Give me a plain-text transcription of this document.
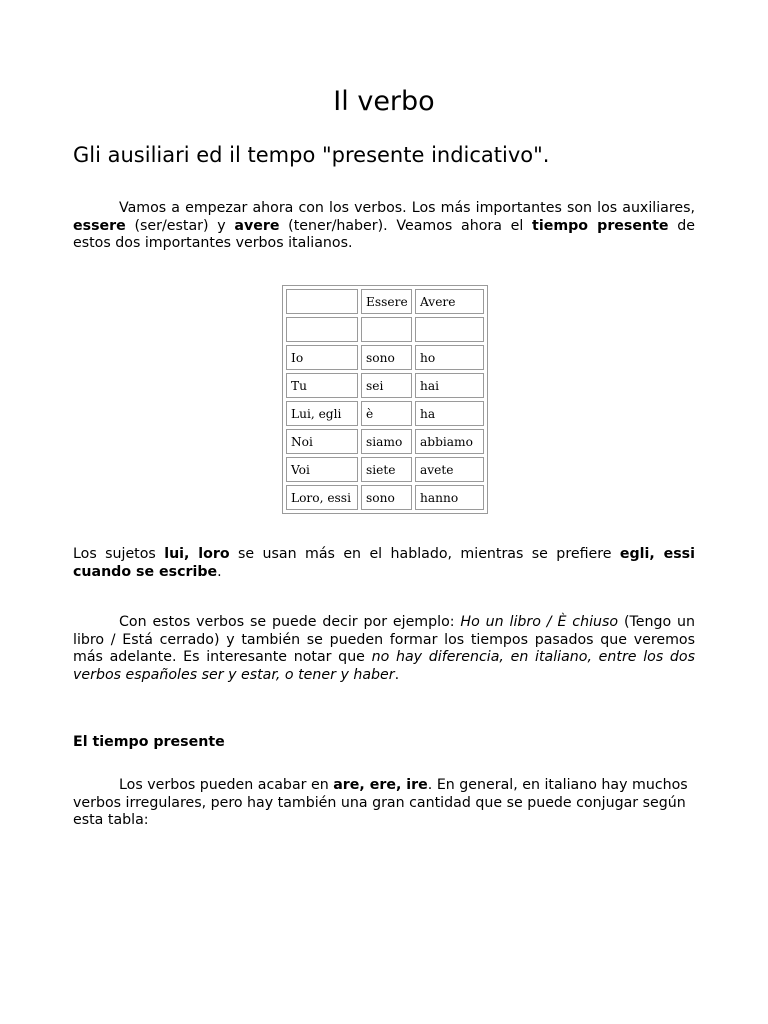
Il verbo
Gli ausiliari ed il tempo "presente indicativo".

Vamos a empezar ahora con los verbos. Los más importantes son los auxiliares, essere (ser/estar) y avere (tener/haber). Veamos ahora el tiempo presente de estos dos importantes verbos italianos.

	Essere	Avere

Io	sono	ho
Tu	sei	hai
Lui, egli	è	ha
Noi	siamo	abbiamo
Voi	siete	avete
Loro, essi	sono	hanno

Los sujetos lui, loro se usan más en el hablado, mientras se prefiere egli, essi cuando se escribe.

Con estos verbos se puede decir por ejemplo: Ho un libro / È chiuso (Tengo un libro / Está cerrado) y también se pueden formar los tiempos pasados que veremos más adelante. Es interesante notar que no hay diferencia, en italiano, entre los dos verbos españoles ser y estar, o tener y haber.

El tiempo presente

Los verbos pueden acabar en are, ere, ire. En general, en italiano hay muchos verbos irregulares, pero hay también una gran cantidad que se puede conjugar según esta tabla:
